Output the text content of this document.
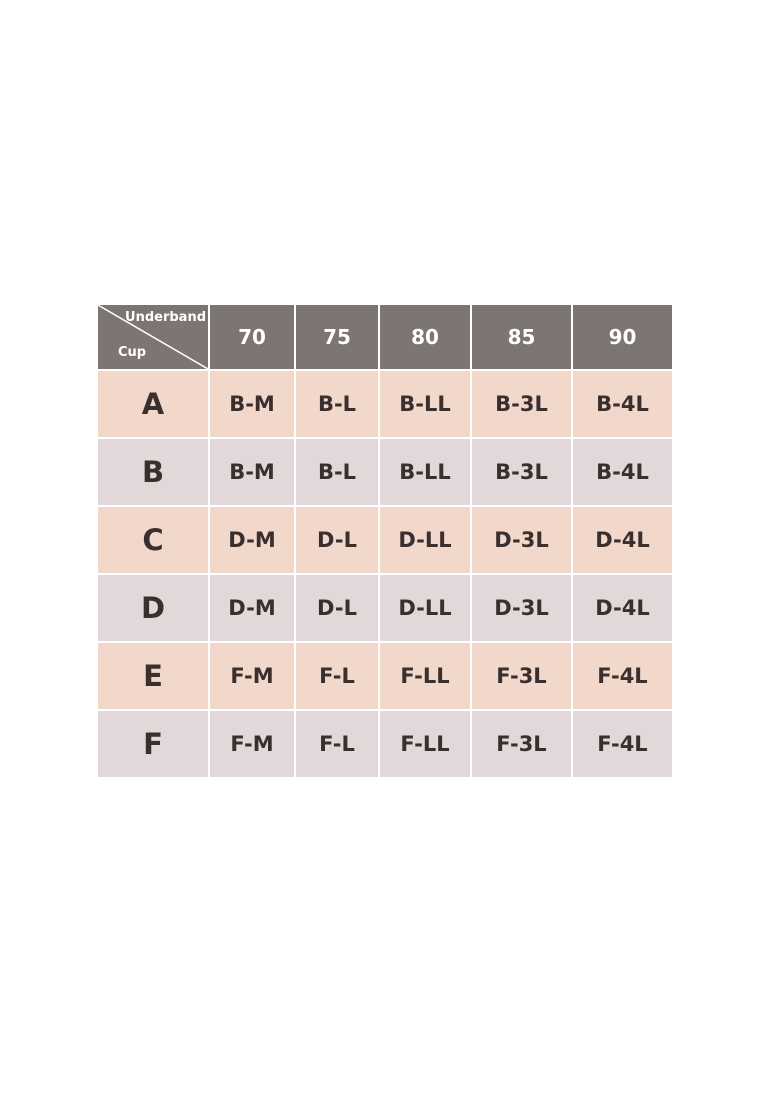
Underband
Cup	70	75	80	85	90
A	B-M	B-L	B-LL	B-3L	B-4L
B	B-M	B-L	B-LL	B-3L	B-4L
C	D-M	D-L	D-LL	D-3L	D-4L
D	D-M	D-L	D-LL	D-3L	D-4L
E	F-M	F-L	F-LL	F-3L	F-4L
F	F-M	F-L	F-LL	F-3L	F-4L
